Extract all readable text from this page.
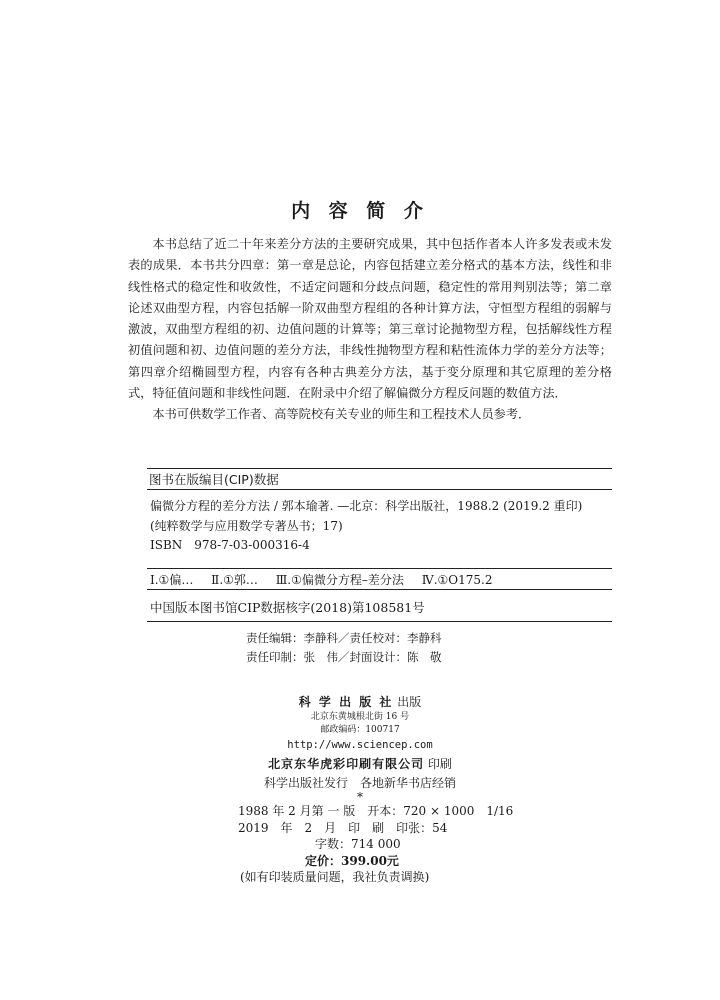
内 容 简 介

本书总结了近二十年来差分方法的主要研究成果，其中包括作者本人许多发表或未发表的成果．本书共分四章：第一章是总论，内容包括建立差分格式的基本方法，线性和非线性格式的稳定性和收敛性，不适定问题和分歧点问题，稳定性的常用判别法等；第二章论述双曲型方程，内容包括解一阶双曲型方程组的各种计算方法，守恒型方程组的弱解与激波，双曲型方程组的初、边值问题的计算等；第三章讨论抛物型方程，包括解线性方程初值问题和初、边值问题的差分方法，非线性抛物型方程和粘性流体力学的差分方法等；第四章介绍椭圆型方程，内容有各种古典差分方法，基于变分原理和其它原理的差分格式，特征值问题和非线性问题．在附录中介绍了解偏微分方程反问题的数值方法．

本书可供数学工作者、高等院校有关专业的师生和工程技术人员参考．

图书在版编目(CIP)数据
偏微分方程的差分方法 / 郭本瑜著. —北京：科学出版社，1988.2 (2019.2 重印)
(纯粹数学与应用数学专著丛书；17)
ISBN　978-7-03-000316-4
Ⅰ.①偏… Ⅱ.①郭… Ⅲ.①偏微分方程–差分法 Ⅳ.①O175.2
中国版本图书馆CIP数据核字(2018)第108581号
责任编辑：李静科／责任校对：李静科
责任印制：张　伟／封面设计：陈　敬
科 学 出 版 社 出版
北京东黄城根北街 16 号
邮政编码：100717
http://www.sciencep.com
北京东华虎彩印刷有限公司 印刷
科学出版社发行　各地新华书店经销
*
1988 年 2 月第 一 版　开本：720 × 1000　1/16
2019　年　2　月　印　刷　印张：54
字数：714 000
定价：399.00元
(如有印装质量问题，我社负责调换)
